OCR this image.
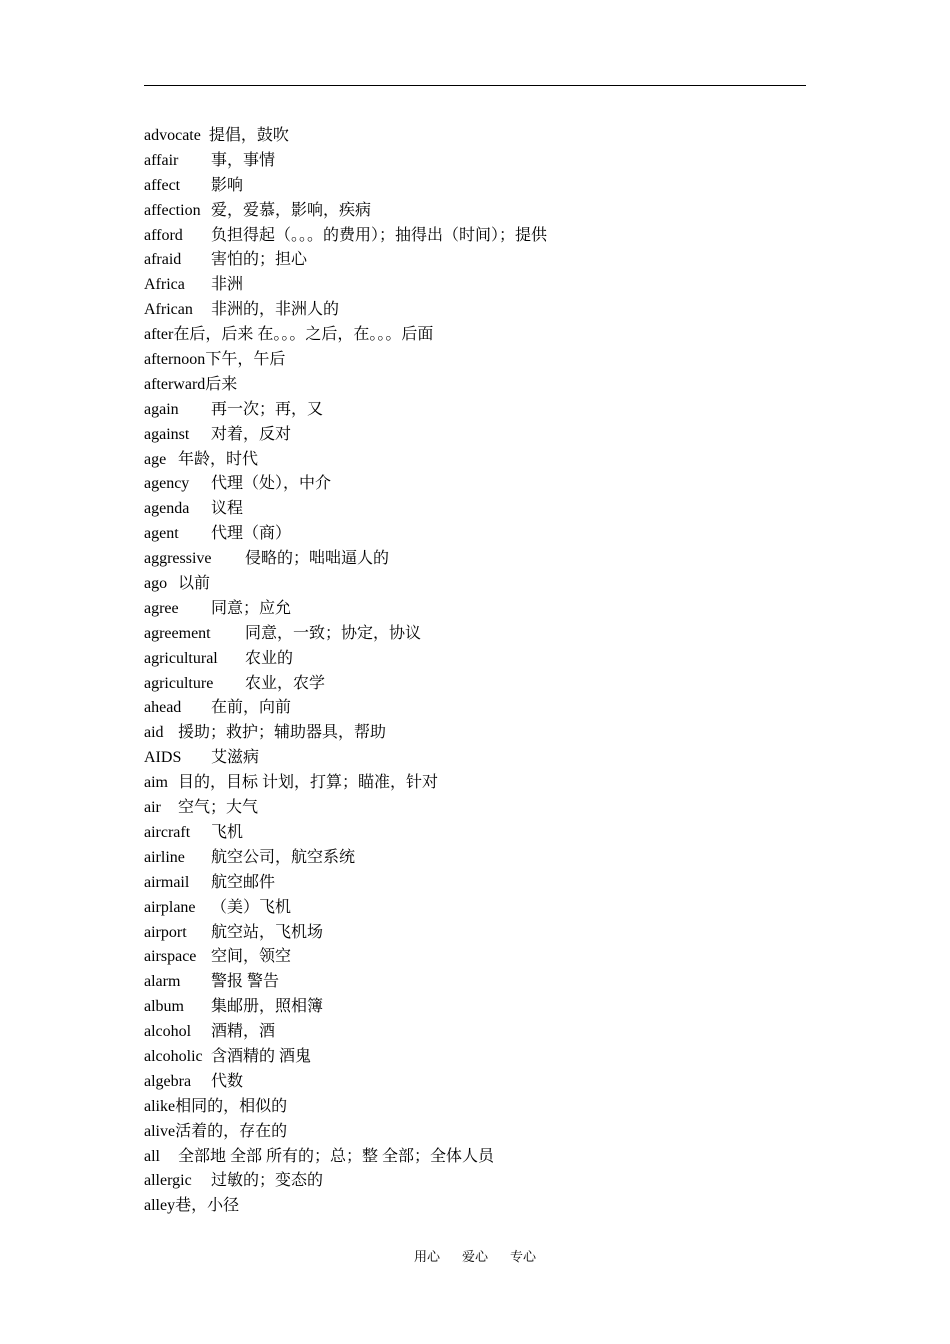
advocate 提倡，鼓吹
affair 事，事情
affect 影响
affection 爱，爱慕，影响，疾病
afford 负担得起（。。。的费用）；抽得出（时间）；提供
afraid 害怕的；担心
Africa 非洲
African 非洲的，非洲人的
after在后，后来 在。。。之后，在。。。后面
afternoon下午，午后
afterward后来
again 再一次；再，又
against 对着，反对
age 年龄，时代
agency 代理（处），中介
agenda 议程
agent 代理（商）
aggressive 侵略的；咄咄逼人的
ago 以前
agree 同意；应允
agreement 同意，一致；协定，协议
agricultural 农业的
agriculture 农业，农学
ahead 在前，向前
aid 援助；救护；辅助器具，帮助
AIDS 艾滋病
aim 目的，目标 计划，打算；瞄准，针对
air 空气；大气
aircraft 飞机
airline 航空公司，航空系统
airmail 航空邮件
airplane （美）飞机
airport 航空站，飞机场
airspace 空间，领空
alarm 警报 警告
album 集邮册，照相簿
alcohol 酒精，酒
alcoholic 含酒精的 酒鬼
algebra 代数
alike相同的，相似的
alive活着的，存在的
all 全部地 全部 所有的；总；整 全部；全体人员
allergic 过敏的；变态的
alley巷，小径
用心 爱心 专心
